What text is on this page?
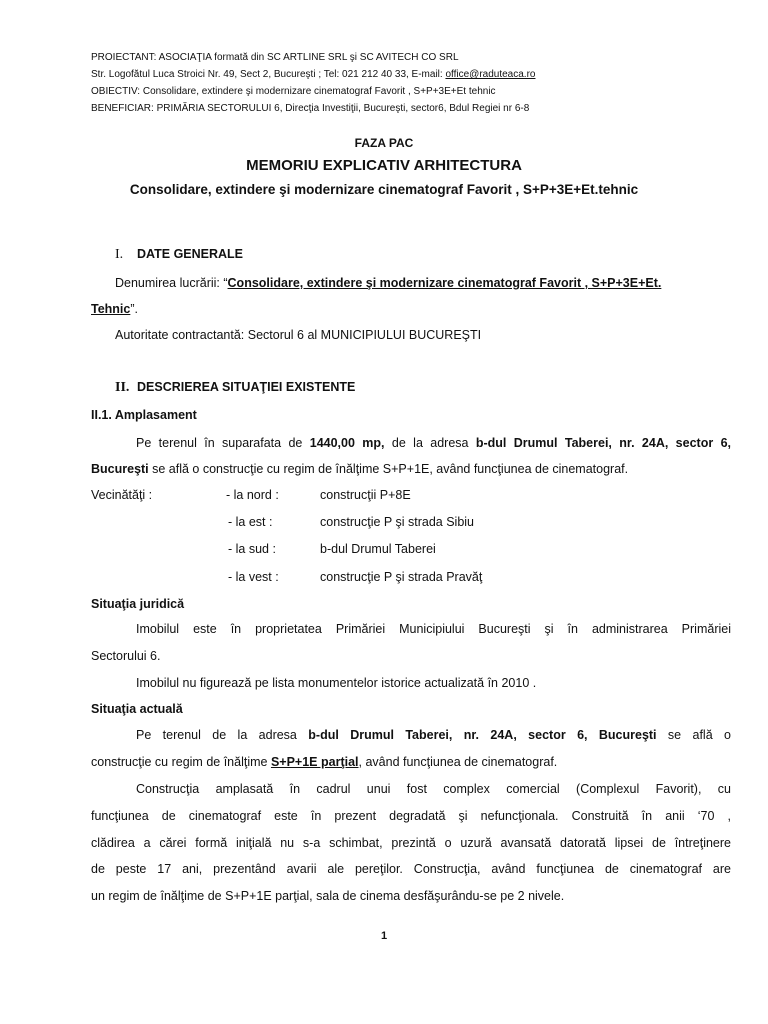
PROIECTANT: ASOCIAŢIA formată din SC ARTLINE SRL şi SC AVITECH CO SRL
Str. Logofătul Luca Stroici Nr. 49, Sect 2, Bucureşti ; Tel: 021 212 40 33, E-mail: office@raduteaca.ro
OBIECTIV: Consolidare, extindere şi modernizare cinematograf Favorit , S+P+3E+Et tehnic
BENEFICIAR: PRIMĂRIA SECTORULUI 6, Direcţia Investiţii, Bucureşti, sector6, Bdul Regiei nr 6-8
FAZA PAC
MEMORIU EXPLICATIV ARHITECTURA
Consolidare, extindere şi modernizare cinematograf Favorit , S+P+3E+Et.tehnic
I. DATE GENERALE
Denumirea lucrării: “Consolidare, extindere şi modernizare cinematograf Favorit , S+P+3E+Et.
Tehnic”.
Autoritate contractantă: Sectorul 6 al MUNICIPIULUI BUCUREŞTI
II. DESCRIEREA SITUAŢIEI EXISTENTE
II.1. Amplasament
Pe terenul în suparafata de 1440,00 mp, de la adresa b-dul Drumul Taberei, nr. 24A, sector 6,
Bucureşti se află o construcţie cu regim de înălţime S+P+1E, având funcţiunea de cinematograf.
Vecinătăţi :	- la nord :	construcţii P+8E
- la est :	construcţie P şi strada Sibiu
- la sud :	b-dul Drumul Taberei
- la vest :	construcţie P şi strada Pravăţ
Situaţia juridică
Imobilul este în proprietatea Primăriei Municipiului Bucureşti şi în administrarea Primăriei
Sectorului 6.
Imobilul nu figurează pe lista monumentelor istorice actualizată în 2010 .
Situaţia actuală
Pe terenul de la adresa b-dul Drumul Taberei, nr. 24A, sector 6, Bucureşti se află o
construcţie cu regim de înălţime S+P+1E parţial, având funcţiunea de cinematograf.
Construcţia amplasată în cadrul unui fost complex comercial (Complexul Favorit), cu
funcţiunea de cinematograf este în prezent degradată şi nefuncţionala. Construită în anii ‘70 ,
clădirea a cărei formă iniţială nu s-a schimbat, prezintă o uzură avansată datorată lipsei de întreţinere
de peste 17 ani, prezentând avarii ale pereţilor. Construcţia, având funcţiunea de cinematograf are
un regim de înălţime de S+P+1E parţial, sala de cinema desfăşurându-se pe 2 nivele.
1
